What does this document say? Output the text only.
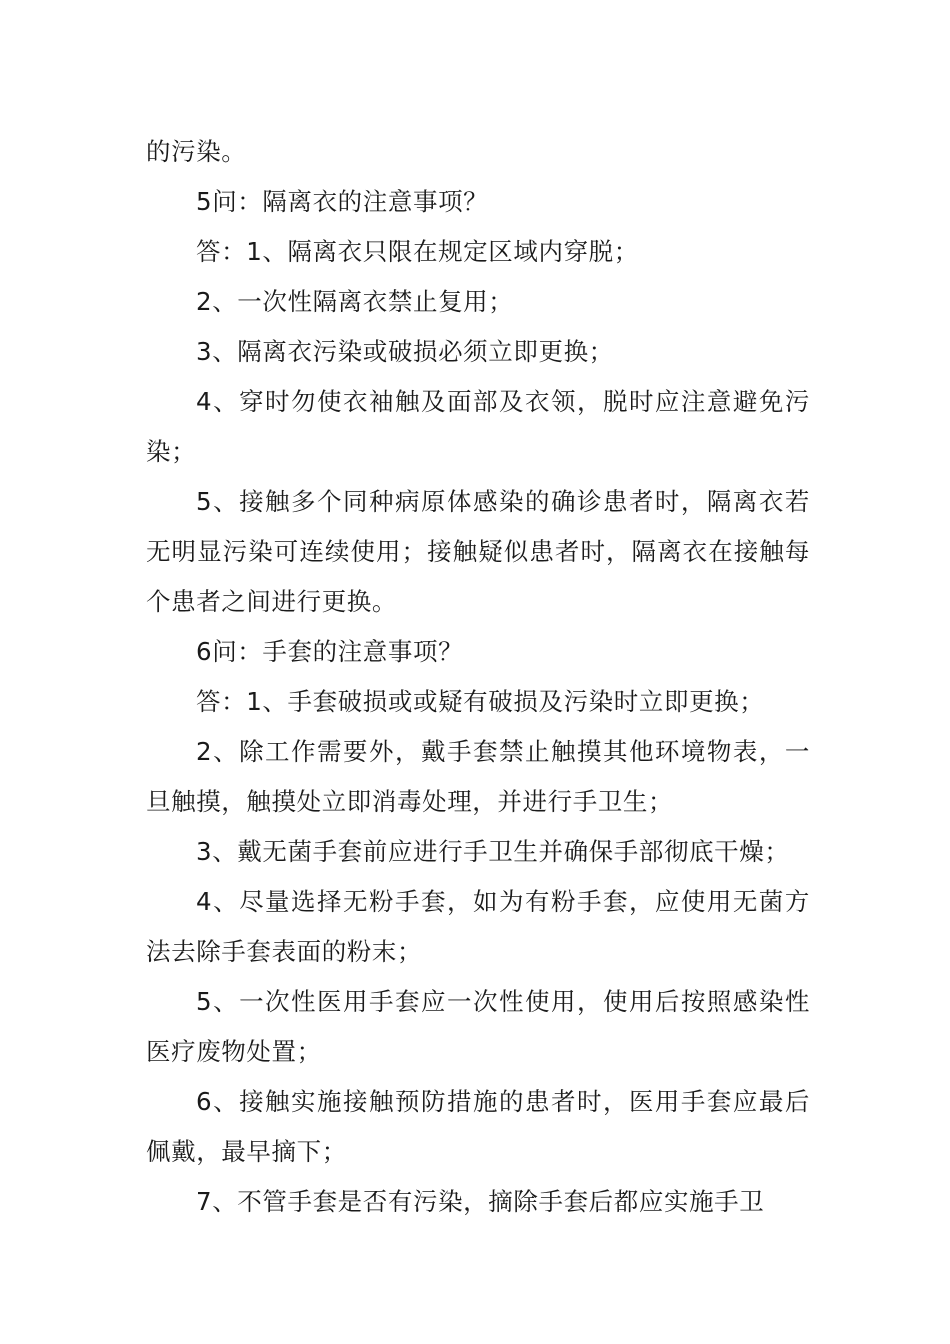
的污染。

5问：隔离衣的注意事项？

答：1、隔离衣只限在规定区域内穿脱；

2、一次性隔离衣禁止复用；

3、隔离衣污染或破损必须立即更换；

4、穿时勿使衣袖触及面部及衣领，脱时应注意避免污染；

5、接触多个同种病原体感染的确诊患者时，隔离衣若无明显污染可连续使用；接触疑似患者时，隔离衣在接触每个患者之间进行更换。

6问：手套的注意事项？

答：1、手套破损或或疑有破损及污染时立即更换；

2、除工作需要外，戴手套禁止触摸其他环境物表，一旦触摸，触摸处立即消毒处理，并进行手卫生；

3、戴无菌手套前应进行手卫生并确保手部彻底干燥；

4、尽量选择无粉手套，如为有粉手套，应使用无菌方法去除手套表面的粉末；

5、一次性医用手套应一次性使用，使用后按照感染性医疗废物处置；

6、接触实施接触预防措施的患者时，医用手套应最后佩戴，最早摘下；

7、不管手套是否有污染，摘除手套后都应实施手卫
